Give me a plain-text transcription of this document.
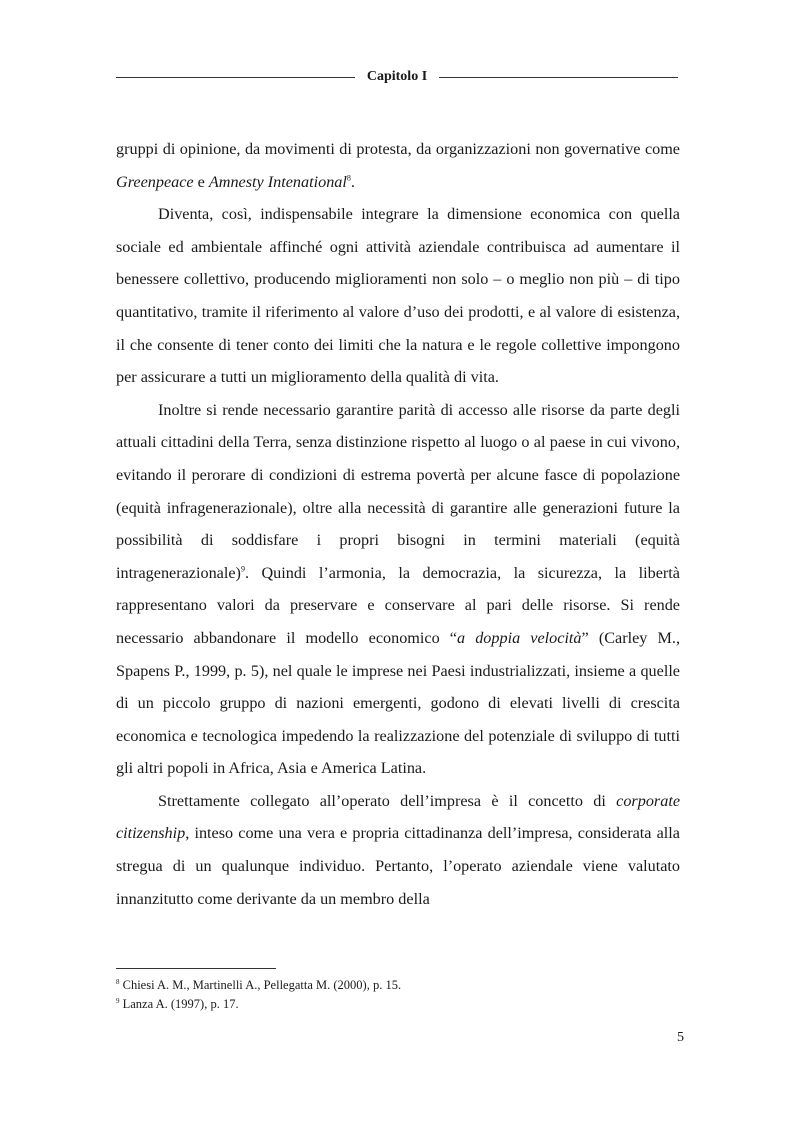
Capitolo I

gruppi di opinione, da movimenti di protesta, da organizzazioni non governative come Greenpeace e Amnesty Intenational$^8$.

Diventa, così, indispensabile integrare la dimensione economica con quella sociale ed ambientale affinché ogni attività aziendale contribuisca ad aumentare il benessere collettivo, producendo miglioramenti non solo – o meglio non più – di tipo quantitativo, tramite il riferimento al valore d’uso dei prodotti, e al valore di esistenza, il che consente di tener conto dei limiti che la natura e le regole collettive impongono per assicurare a tutti un miglioramento della qualità di vita.

Inoltre si rende necessario garantire parità di accesso alle risorse da parte degli attuali cittadini della Terra, senza distinzione rispetto al luogo o al paese in cui vivono, evitando il perorare di condizioni di estrema povertà per alcune fasce di popolazione (equità infragenerazionale), oltre alla necessità di garantire alle generazioni future la possibilità di soddisfare i propri bisogni in termini materiali (equità intragenerazionale)$^9$. Quindi l’armonia, la democrazia, la sicurezza, la libertà rappresentano valori da preservare e conservare al pari delle risorse. Si rende necessario abbandonare il modello economico “a doppia velocità” (Carley M., Spapens P., 1999, p. 5), nel quale le imprese nei Paesi industrializzati, insieme a quelle di un piccolo gruppo di nazioni emergenti, godono di elevati livelli di crescita economica e tecnologica impedendo la realizzazione del potenziale di sviluppo di tutti gli altri popoli in Africa, Asia e America Latina.

Strettamente collegato all’operato dell’impresa è il concetto di corporate citizenship, inteso come una vera e propria cittadinanza dell’impresa, considerata alla stregua di un qualunque individuo. Pertanto, l’operato aziendale viene valutato innanzitutto come derivante da un membro della

$^8$ Chiesi A. M., Martinelli A., Pellegatta M. (2000), p. 15.
$^9$ Lanza A. (1997), p. 17.
5
